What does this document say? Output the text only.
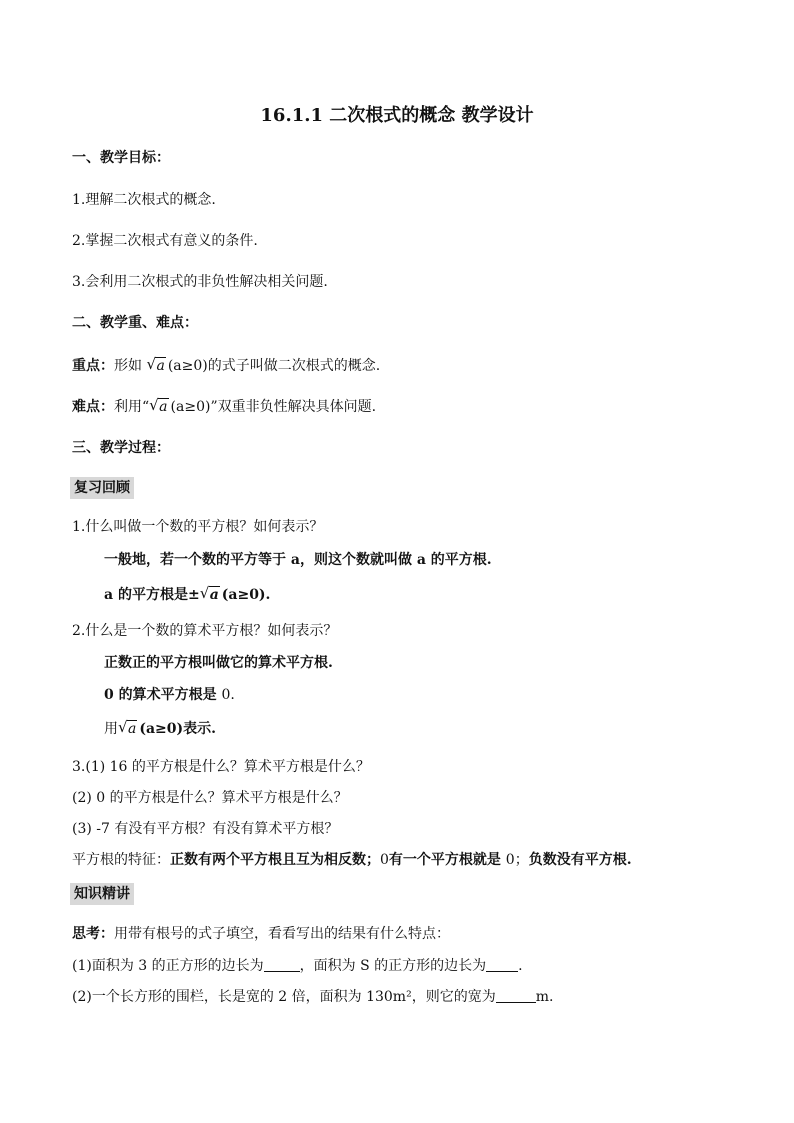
16.1.1 二次根式的概念 教学设计
一、教学目标：
1.理解二次根式的概念.
2.掌握二次根式有意义的条件.
3.会利用二次根式的非负性解决相关问题.
二、教学重、难点：
重点：形如 √ a (a≥0)的式子叫做二次根式的概念.
难点：利用“ √ a (a≥0)”双重非负性解决具体问题.
三、教学过程：
复习回顾
1.什么叫做一个数的平方根？如何表示？
一般地，若一个数的平方等于 a，则这个数就叫做 a 的平方根.
a 的平方根是± √ a (a≥0).
2.什么是一个数的算术平方根？如何表示？
正数正的平方根叫做它的算术平方根.
0 的算术平方根是 0.
用 √ a (a≥0)表示.
3.(1) 16 的平方根是什么？算术平方根是什么？
(2) 0 的平方根是什么？算术平方根是什么？
(3) -7 有没有平方根？有没有算术平方根？
平方根的特征：正数有两个平方根且互为相反数；0有一个平方根就是 0；负数没有平方根.
知识精讲
思考：用带有根号的式子填空，看看写出的结果有什么特点：
(1)面积为 3 的正方形的边长为	，面积为 S 的正方形的边长为 .
(2)一个长方形的围栏，长是宽的 2 倍，面积为 130m²，则它的宽为	m.
